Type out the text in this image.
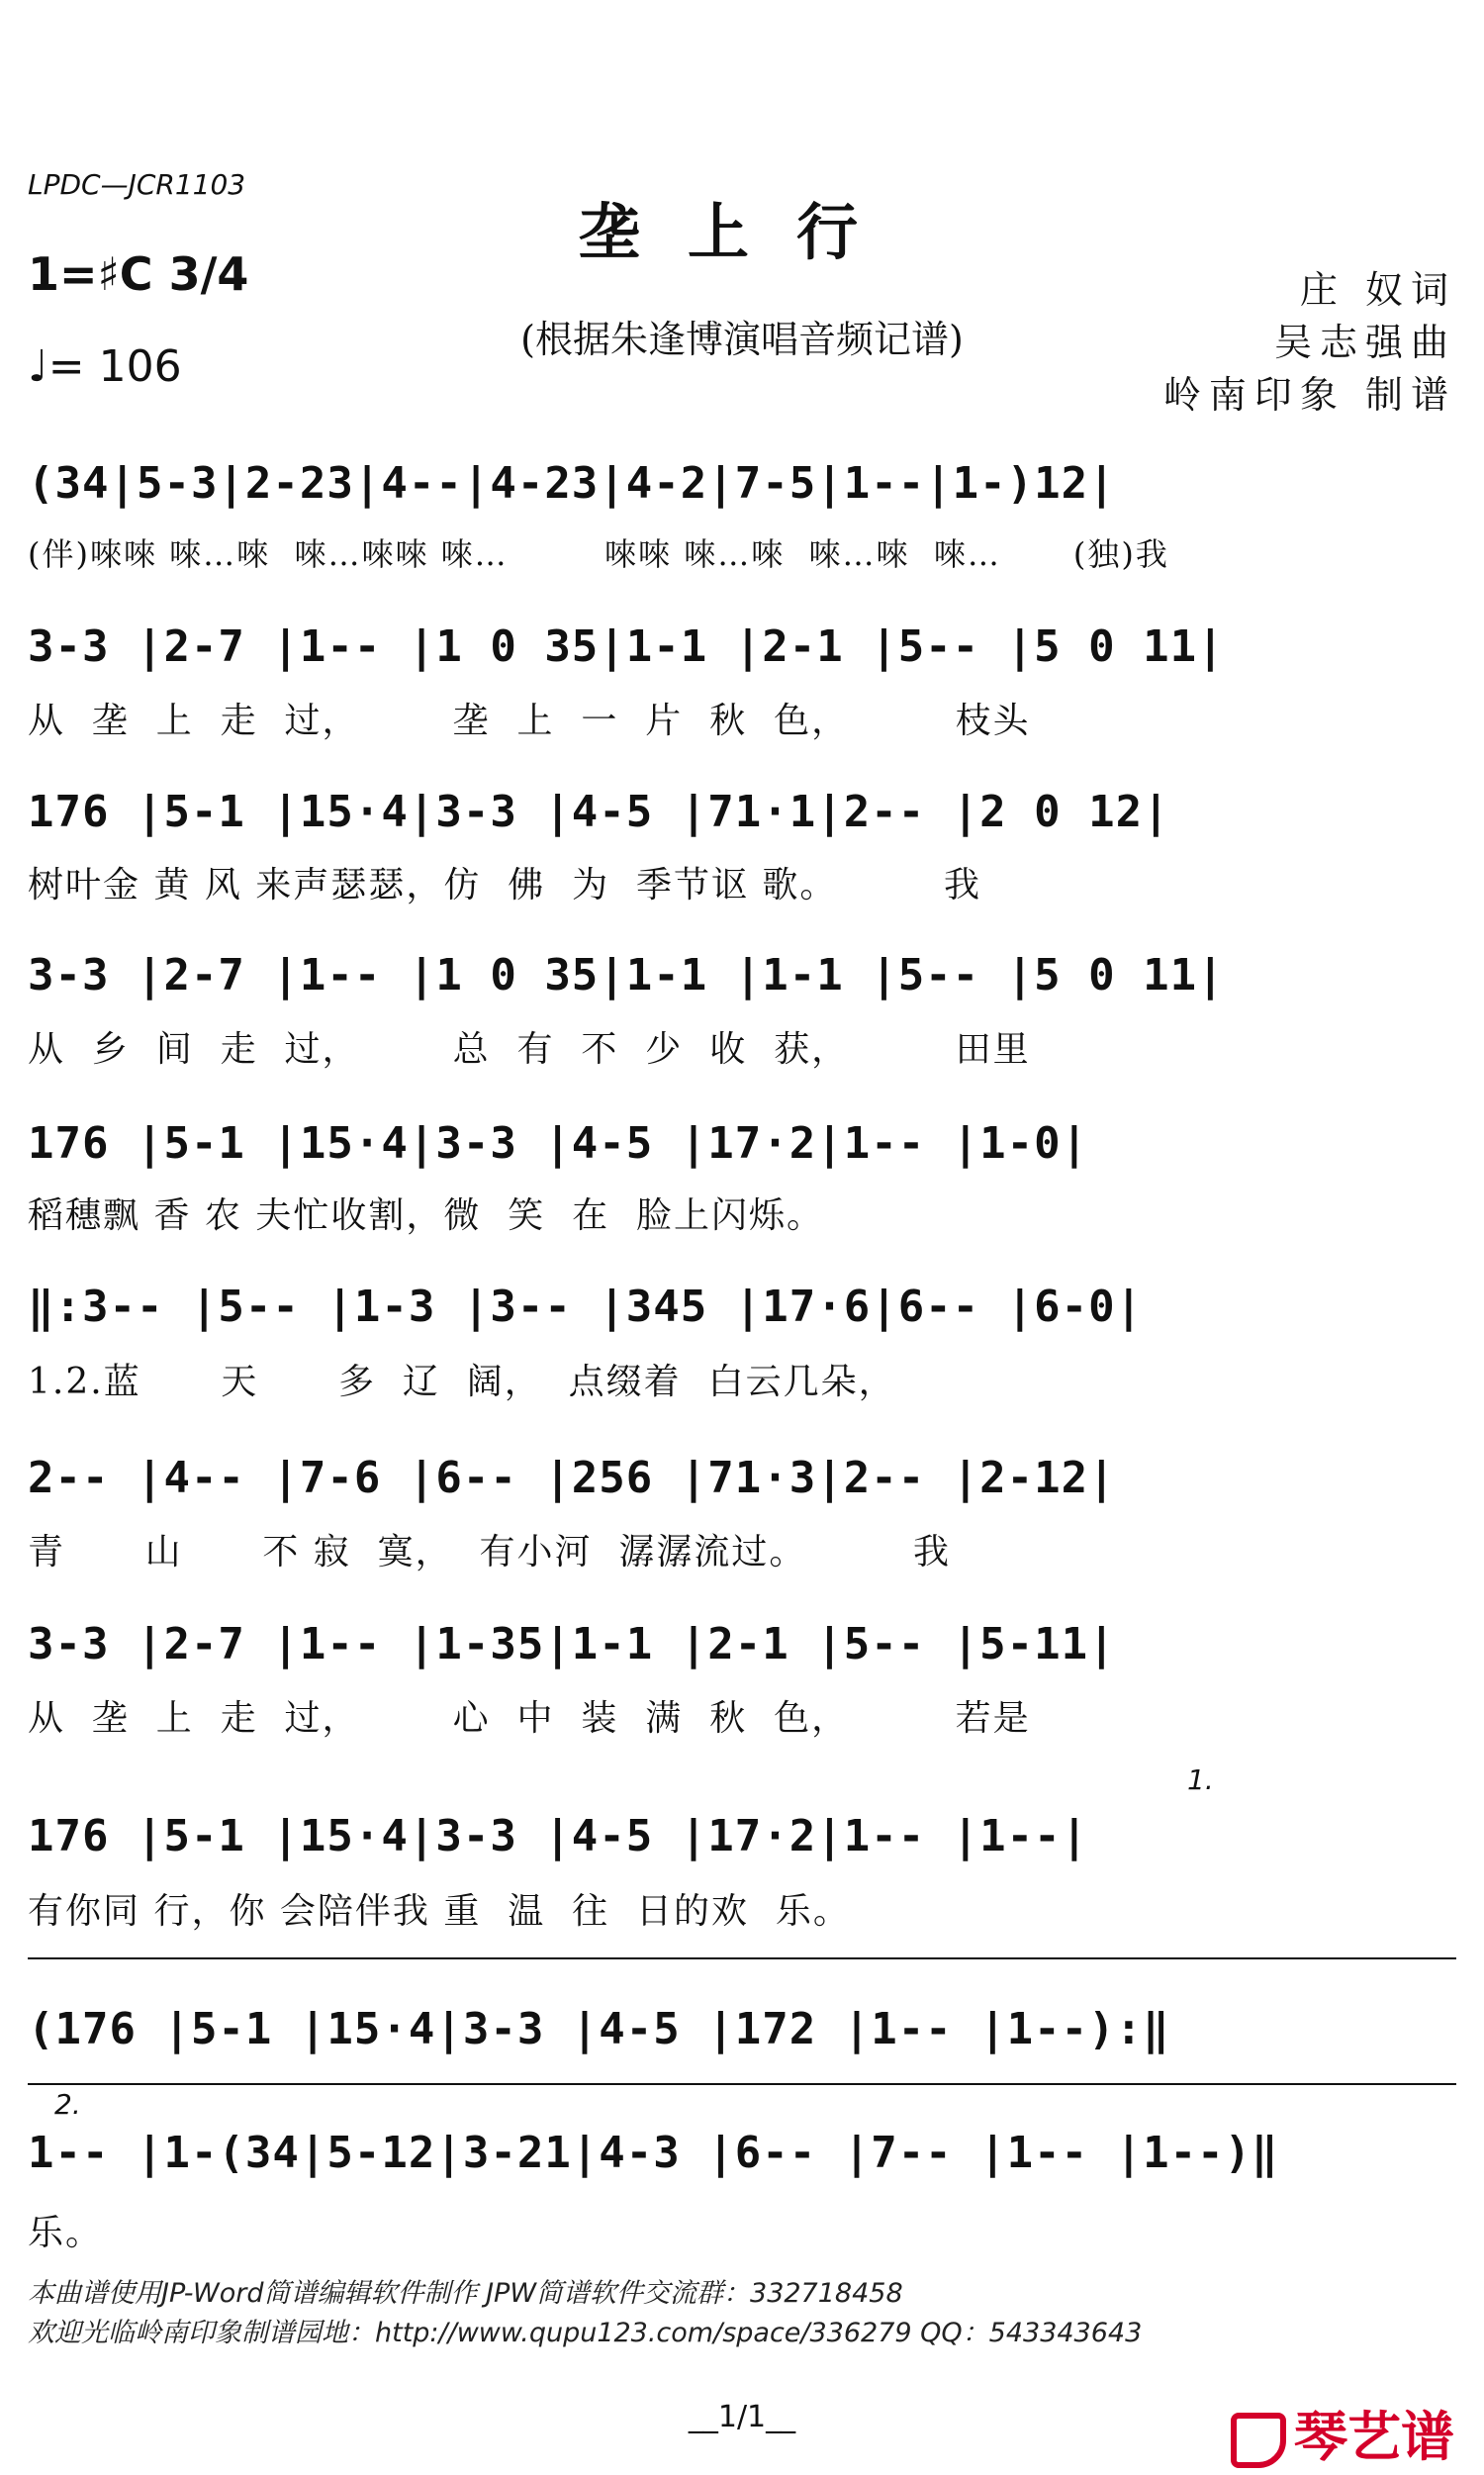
LPDC—JCR1103
垄上行
1=♯C 3/4
♩= 106
(根据朱逢博演唱音频记谱)
庄 奴词
吴志强曲
岭南印象 制谱
(34|5-3|2-23|4--|4-23|4-2|7-5|1--|1-)12|
(伴)唻唻 唻…唻  唻…唻唻 唻…        唻唻 唻…唻  唻…唻  唻…      (独)我
3-3 |2-7 |1-- |1 0 35|1-1 |2-1 |5-- |5 0 11|
从  垄  上  走  过，       垄  上  一  片  秋  色，        枝头
176 |5-1 |15·4|3-3 |4-5 |71·1|2-- |2 0 12|
树叶金 黄 风 来声瑟瑟，仿  佛  为  季节讴 歌。        我
3-3 |2-7 |1-- |1 0 35|1-1 |1-1 |5-- |5 0 11|
从  乡  间  走  过，       总  有  不  少  收  获，        田里
176 |5-1 |15·4|3-3 |4-5 |17·2|1-- |1-0|
稻穗飘 香 农 夫忙收割，微  笑  在  脸上闪烁。
‖:3-- |5-- |1-3 |3-- |345 |17·6|6-- |6-0|
1.2.蓝      天      多  辽  阔，  点缀着  白云几朵，
2-- |4-- |7-6 |6-- |256 |71·3|2-- |2-12|
青      山      不 寂  寞，  有小河  潺潺流过。        我
3-3 |2-7 |1-- |1-35|1-1 |2-1 |5-- |5-11|
从  垄  上  走  过，       心  中  装  满  秋  色，        若是
1.
176 |5-1 |15·4|3-3 |4-5 |17·2|1-- |1--|
有你同 行，你 会陪伴我 重  温  往  日的欢  乐。
(176 |5-1 |15·4|3-3 |4-5 |172 |1-- |1--):‖
2.
1-- |1-(34|5-12|3-21|4-3 |6-- |7-- |1-- |1--)‖
乐。
本曲谱使用JP-Word简谱编辑软件制作 JPW简谱软件交流群：332718458
欢迎光临岭南印象制谱园地：http://www.qupu123.com/space/336279 QQ：543343643
__1/1__	琴艺谱
